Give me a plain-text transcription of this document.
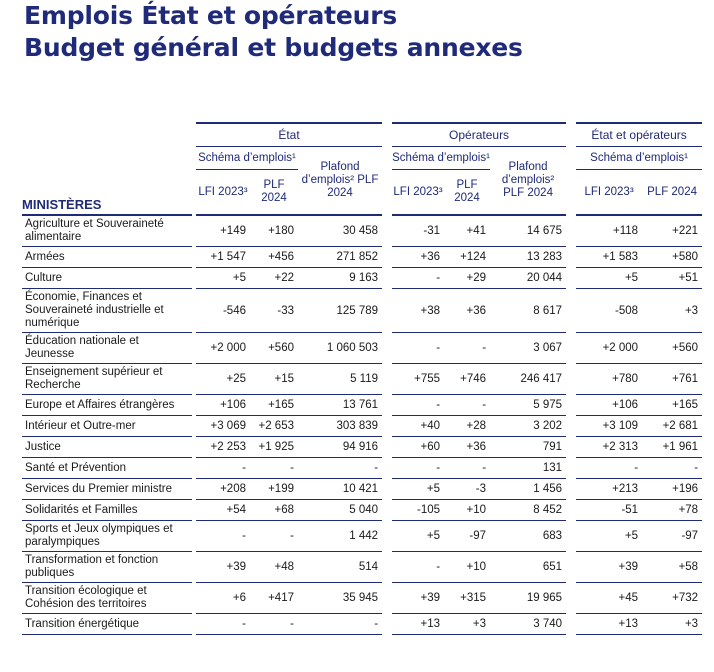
Emplois État et opérateurs
Budget général et budgets annexes
MINISTÈRES		État				Opérateurs				État et opérateurs	
		Schéma d’emplois¹		Plafond d’emplois² PLF 2024		Schéma d’emplois¹		Plafond d’emplois² PLF 2024		Schéma d’emplois¹	
		LFI 2023³	PLF 2024			LFI 2023³	PLF 2024			LFI 2023³	PLF 2024
Agriculture et Souveraineté alimentaire		+149	+180	30 458		-31	+41	14 675		+118	+221
Armées		+1 547	+456	271 852		+36	+124	13 283		+1 583	+580
Culture		+5	+22	9 163		-	+29	20 044		+5	+51
Économie, Finances et Souveraineté industrielle et numérique		-546	-33	125 789		+38	+36	8 617		-508	+3
Éducation nationale et Jeunesse		+2 000	+560	1 060 503		-	-	3 067		+2 000	+560
Enseignement supérieur et Recherche		+25	+15	5 119		+755	+746	246 417		+780	+761
Europe et Affaires étrangères		+106	+165	13 761		-	-	5 975		+106	+165
Intérieur et Outre-mer		+3 069	+2 653	303 839		+40	+28	3 202		+3 109	+2 681
Justice		+2 253	+1 925	94 916		+60	+36	791		+2 313	+1 961
Santé et Prévention		-	-	-		-	-	131		-	-
Services du Premier ministre		+208	+199	10 421		+5	-3	1 456		+213	+196
Solidarités et Familles		+54	+68	5 040		-105	+10	8 452		-51	+78
Sports et Jeux olympiques et paralympiques		-	-	1 442		+5	-97	683		+5	-97
Transformation et fonction publiques		+39	+48	514		-	+10	651		+39	+58
Transition écologique et Cohésion des territoires		+6	+417	35 945		+39	+315	19 965		+45	+732
Transition énergétique		-	-	-		+13	+3	3 740		+13	+3
